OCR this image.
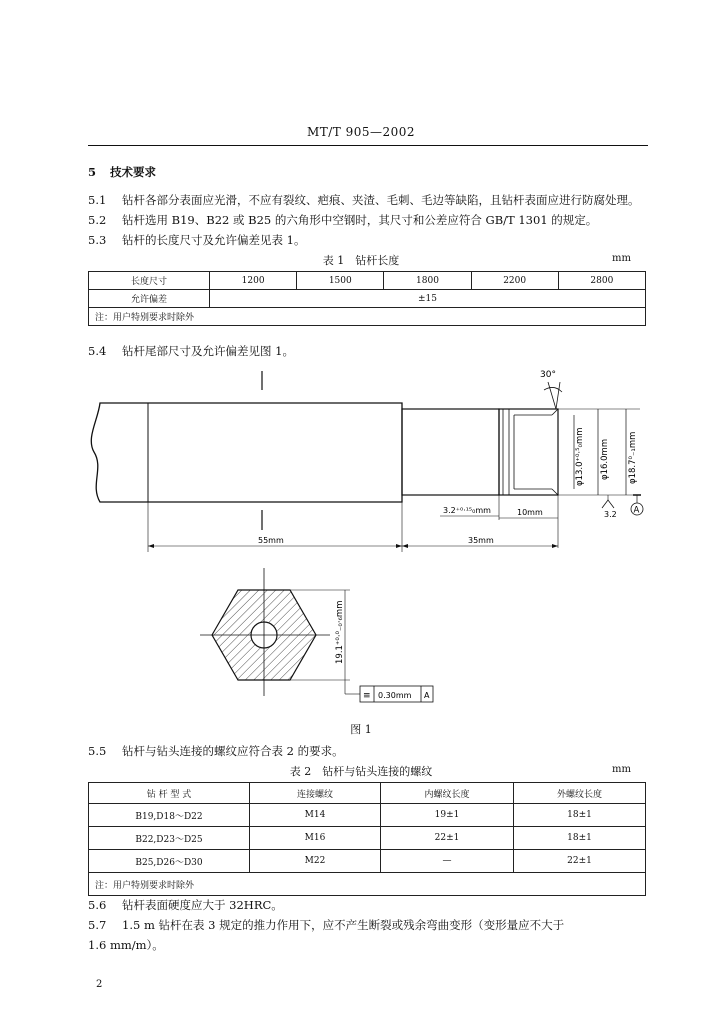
MT/T 905—2002
5 技术要求
5.1 钻杆各部分表面应光滑，不应有裂纹、疤痕、夹渣、毛刺、毛边等缺陷，且钻杆表面应进行防腐处理。
5.2 钻杆选用 B19、B22 或 B25 的六角形中空钢时，其尺寸和公差应符合 GB/T 1301 的规定。
5.3 钻杆的长度尺寸及允许偏差见表 1。
表 1　钻杆长度	mm
长度尺寸	1200	1500	1800	2200	2800
允许偏差	±15				
注：用户特别要求时除外					
5.4 钻杆尾部尺寸及允许偏差见图 1。
30°
φ13.0⁺⁰·⁵₀mm φ16.0mm φ18.7⁰₋₁mm
3.2 A
3.2⁺⁰·¹⁵₀mm	10mm
55mm	35mm
19.1⁺⁰·⁰₋₀·₆mm
≡ 0.30mm A
图 1
5.5 钻杆与钻头连接的螺纹应符合表 2 的要求。
表 2　钻杆与钻头连接的螺纹	mm
钻 杆 型 式	连接螺纹	内螺纹长度	外螺纹长度
B19,D18～D22	M14	19±1	18±1
B22,D23～D25	M16	22±1	18±1
B25,D26～D30	M22	—	22±1
注：用户特别要求时除外			
5.6 钻杆表面硬度应大于 32HRC。
5.7 1.5 m 钻杆在表 3 规定的推力作用下，应不产生断裂或残余弯曲变形（变形量应不大于
1.6 mm/m）。
2
